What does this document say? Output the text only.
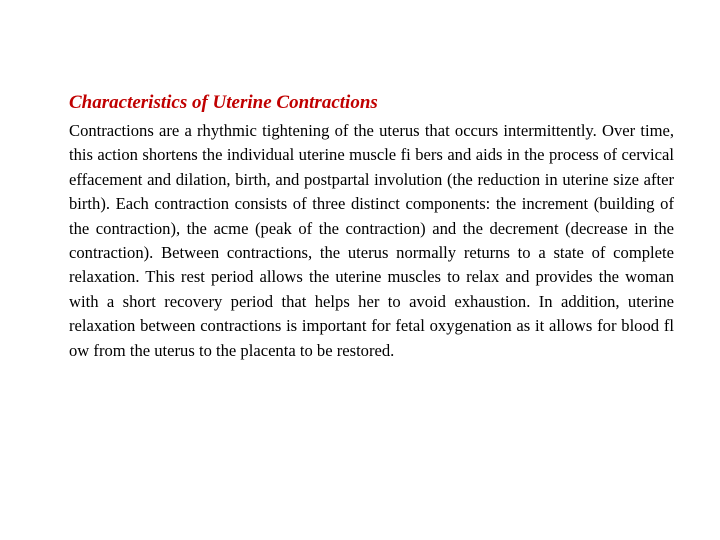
Characteristics of Uterine Contractions

Contractions are a rhythmic tightening of the uterus that occurs intermittently. Over time, this action shortens the individual uterine muscle fi bers and aids in the process of cervical effacement and dilation, birth, and postpartal involution (the reduction in uterine size after birth). Each contraction consists of three distinct components: the increment (building of the contraction), the acme (peak of the contraction) and the decrement (decrease in the contraction). Between contractions, the uterus normally returns to a state of complete relaxation. This rest period allows the uterine muscles to relax and provides the woman with a short recovery period that helps her to avoid exhaustion. In addition, uterine relaxation between contractions is important for fetal oxygenation as it allows for blood fl ow from the uterus to the placenta to be restored.
